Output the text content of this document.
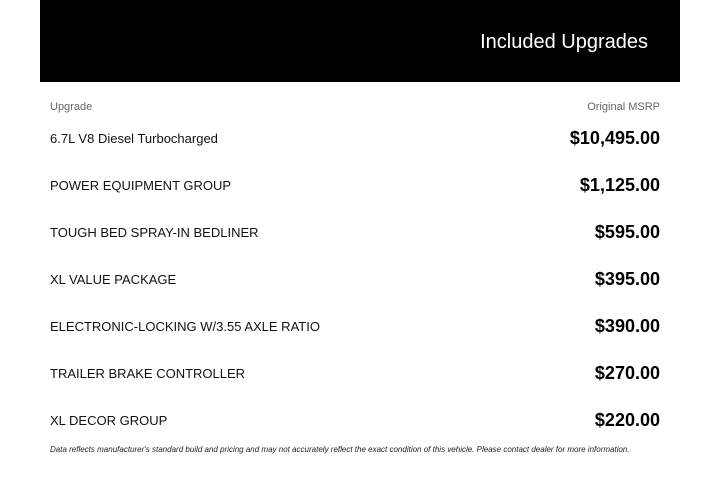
Included Upgrades
Upgrade	Original MSRP
6.7L V8 Diesel Turbocharged	$10,495.00
POWER EQUIPMENT GROUP	$1,125.00
TOUGH BED SPRAY-IN BEDLINER	$595.00
XL VALUE PACKAGE	$395.00
ELECTRONIC-LOCKING W/3.55 AXLE RATIO	$390.00
TRAILER BRAKE CONTROLLER	$270.00
XL DECOR GROUP	$220.00
Data reflects manufacturer's standard build and pricing and may not accurately reflect the exact condition of this vehicle. Please contact dealer for more information.
